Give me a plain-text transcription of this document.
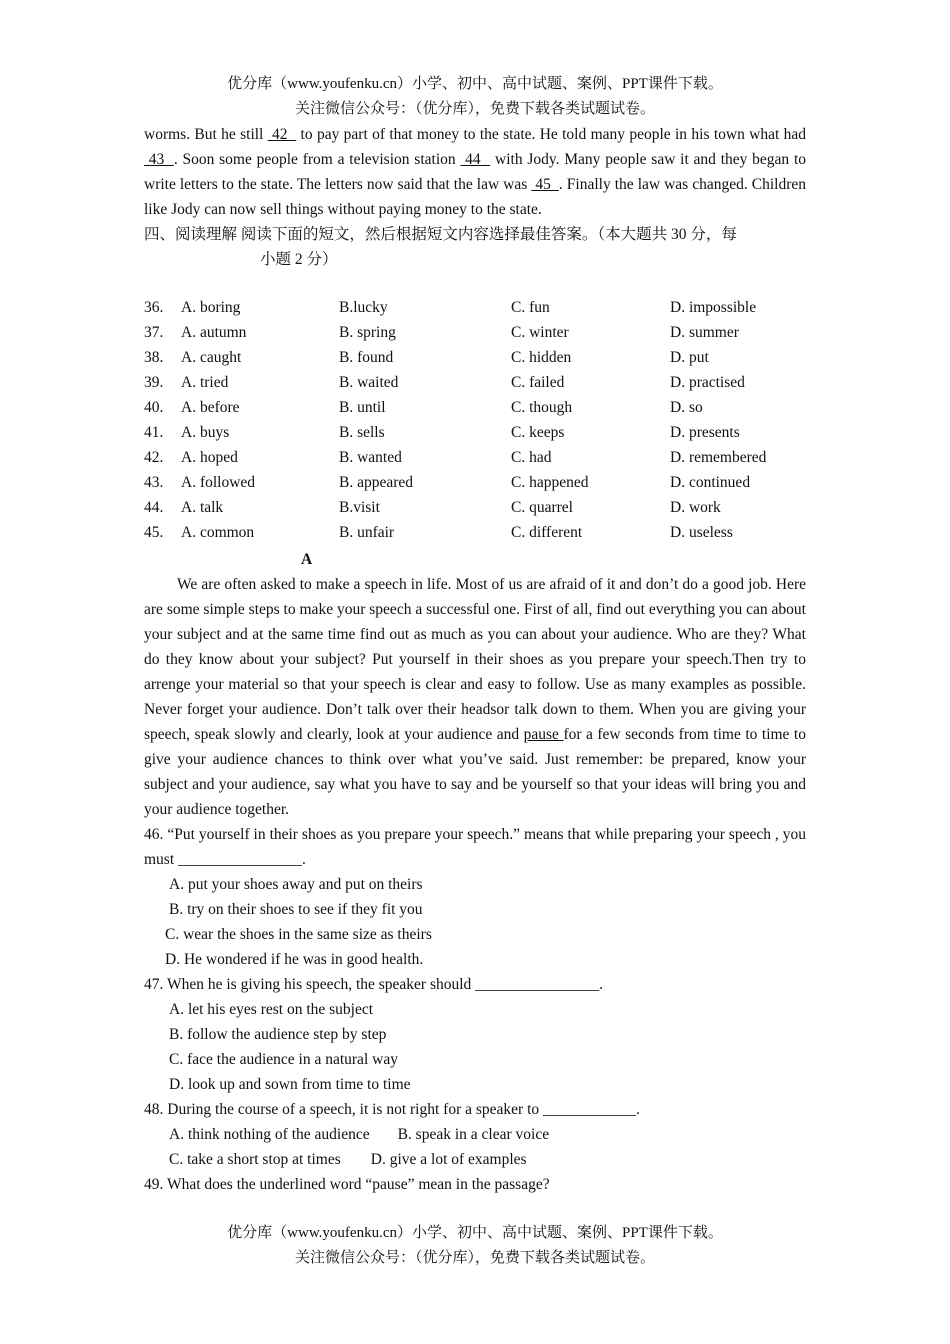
优分库（www.youfenku.cn）小学、初中、高中试题、案例、PPT课件下载。
关注微信公众号：（优分库），免费下载各类试题试卷。

worms. But he still  42   to pay part of that money to the state. He told many people in his town what had  43  . Soon some people from a television station  44   with Jody. Many people saw it and they began to write letters to the state. The letters now said that the law was  45  . Finally the law was changed. Children like Jody can now sell things without paying money to the state.

四、阅读理解 阅读下面的短文，然后根据短文内容选择最佳答案。（本大题共 30 分，每
小题 2 分）

36. A. boring	B.lucky	C. fun	D. impossible
37. A. autumn	B. spring	C. winter	D. summer
38. A. caught	B. found	C. hidden	D. put
39. A. tried	B. waited	C. failed	D. practised
40. A. before	B. until	C. though	D. so
41. A. buys	B. sells	C. keeps	D. presents
42. A. hoped	B. wanted	C. had	D. remembered
43. A. followed	B. appeared	C. happened	D. continued
44. A. talk	B.visit	C. quarrel	D. work
45. A. common	B. unfair	C. different	D. useless

A

We are often asked to make a speech in life. Most of us are afraid of it and don’t do a good job. Here are some simple steps to make your speech a successful one. First of all, find out everything you can about your subject and at the same time find out as much as you can about your audience. Who are they? What do they know about your subject? Put yourself in their shoes as you prepare your speech.Then try to arrenge your material so that your speech is clear and easy to follow. Use as many examples as possible. Never forget your audience. Don’t talk over their headsor talk down to them. When you are giving your speech, speak slowly and clearly, look at your audience and pause for a few seconds from time to time to give your audience chances to think over what you’ve said. Just remember: be prepared, know your subject and your audience, say what you have to say and be yourself so that your ideas will bring you and your audience together.

46. “Put yourself in their shoes as you prepare your speech.” means that while preparing your speech , you must ________________.

A. put your shoes away and put on theirs

B. try on their shoes to see if they fit you

C. wear the shoes in the same size as theirs

D. He wondered if he was in good health.

47. When he is giving his speech, the speaker should ________________.

A. let his eyes rest on the subject

B. follow the audience step by step

C. face the audience in a natural way

D. look up and sown from time to time

48. During the course of a speech, it is not right for a speaker to ____________.

A. think nothing of the audience B. speak in a clear voice

C. take a short stop at times D. give a lot of examples

49. What does the underlined word “pause” mean in the passage?

优分库（www.youfenku.cn）小学、初中、高中试题、案例、PPT课件下载。
关注微信公众号：（优分库），免费下载各类试题试卷。
